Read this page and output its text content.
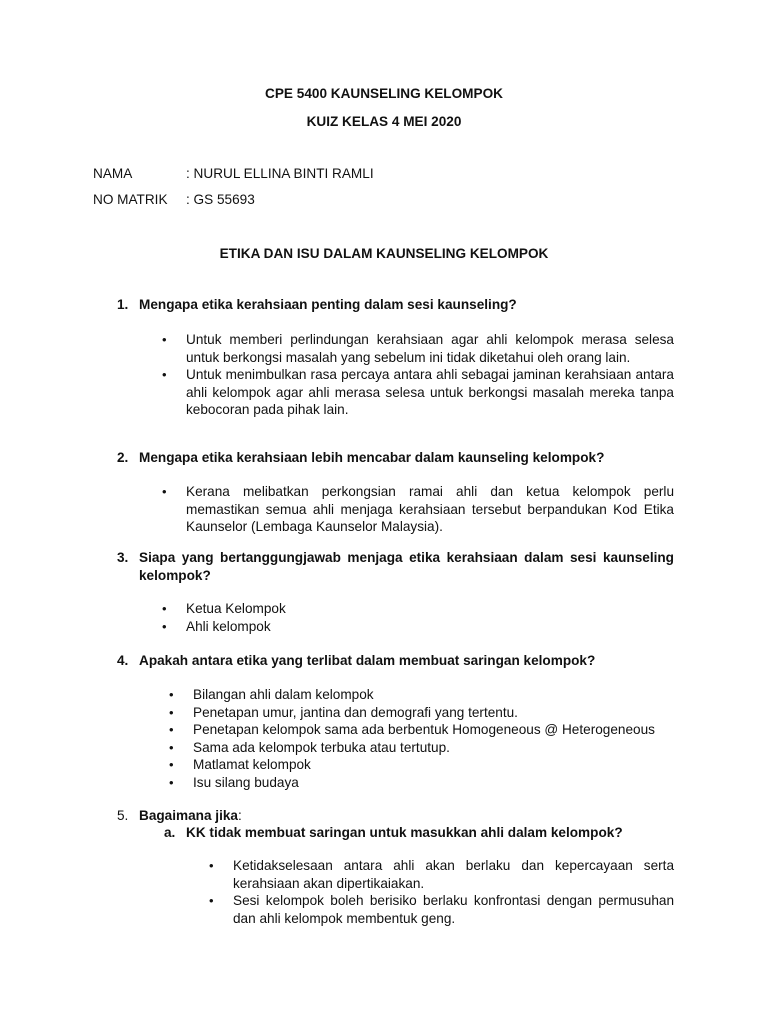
CPE 5400 KAUNSELING KELOMPOK
KUIZ KELAS 4 MEI 2020
NAMA	: NURUL ELLINA BINTI RAMLI
NO MATRIK : GS 55693
ETIKA DAN ISU DALAM KAUNSELING KELOMPOK
1. Mengapa etika kerahsiaan penting dalam sesi kaunseling?
• Untuk memberi perlindungan kerahsiaan agar ahli kelompok merasa selesa untuk berkongsi masalah yang sebelum ini tidak diketahui oleh orang lain.
• Untuk menimbulkan rasa percaya antara ahli sebagai jaminan kerahsiaan antara ahli kelompok agar ahli merasa selesa untuk berkongsi masalah mereka tanpa kebocoran pada pihak lain.
2. Mengapa etika kerahsiaan lebih mencabar dalam kaunseling kelompok?
• Kerana melibatkan perkongsian ramai ahli dan ketua kelompok perlu memastikan semua ahli menjaga kerahsiaan tersebut berpandukan Kod Etika Kaunselor (Lembaga Kaunselor Malaysia).
3. Siapa yang bertanggungjawab menjaga etika kerahsiaan dalam sesi kaunseling
kelompok?
• Ketua Kelompok
• Ahli kelompok
4. Apakah antara etika yang terlibat dalam membuat saringan kelompok?
• Bilangan ahli dalam kelompok
• Penetapan umur, jantina dan demografi yang tertentu.
• Penetapan kelompok sama ada berbentuk Homogeneous @ Heterogeneous
• Sama ada kelompok terbuka atau tertutup.
• Matlamat kelompok
• Isu silang budaya
5. Bagaimana jika:
a. KK tidak membuat saringan untuk masukkan ahli dalam kelompok?
• Ketidakselesaan antara ahli akan berlaku dan kepercayaan serta kerahsiaan akan dipertikaiakan.
• Sesi kelompok boleh berisiko berlaku konfrontasi dengan permusuhan dan ahli kelompok membentuk geng.
